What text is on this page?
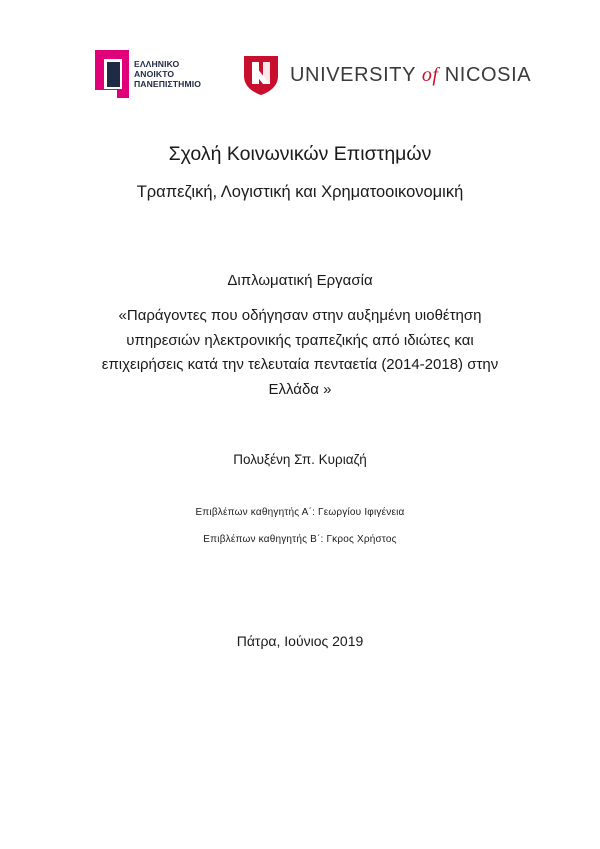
ΕΛΛΗΝΙΚΟ
ΑΝΟΙΚΤΟ
ΠΑΝΕΠΙΣΤΗΜΙΟ	UNIVERSITY of NICOSIA
Σχολή Κοινωνικών Επιστημών
Τραπεζική, Λογιστική και Χρηματοοικονομική
Διπλωματική Εργασία
«Παράγοντες που οδήγησαν στην αυξημένη υιοθέτηση υπηρεσιών ηλεκτρονικής τραπεζικής από ιδιώτες και επιχειρήσεις κατά την τελευταία πενταετία (2014-2018) στην Ελλάδα »
Πολυξένη Σπ. Κυριαζή
Επιβλέπων καθηγητής Α΄: Γεωργίου Ιφιγένεια
Επιβλέπων καθηγητής Β΄: Γκρος Χρήστος
Πάτρα, Ιούνιος 2019
